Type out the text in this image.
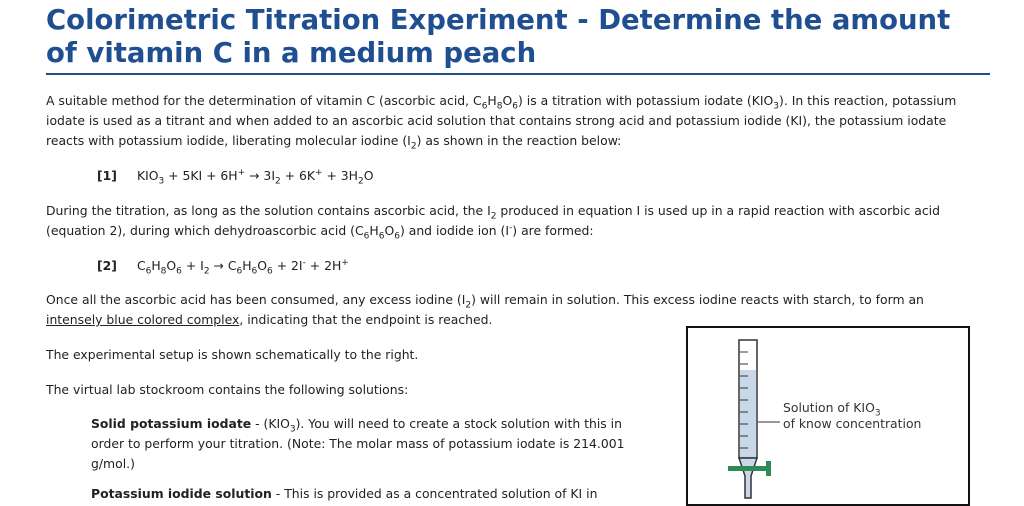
Colorimetric Titration Experiment - Determine the amount of vitamin C in a medium peach

A suitable method for the determination of vitamin C (ascorbic acid, $C_6H_8O_6$) is a titration with potassium iodate $(KIO_3)$. In this reaction, potassium iodate is used as a titrant and when added to an ascorbic acid solution that contains strong acid and potassium iodide (KI), the potassium iodate reacts with potassium iodide, liberating molecular iodine $(I_2)$ as shown in the reaction below:

[1] $KIO_3 + 5KI + 6H^+ \to 3I_2 + 6K^+ + 3H_2O$

During the titration, as long as the solution contains ascorbic acid, the $I_2$ produced in equation I is used up in a rapid reaction with ascorbic acid (equation 2), during which dehydroascorbic acid $(C_6H_6O_6)$ and iodide ion (I-) are formed:

[2] $C_6H_8O_6 + I_2 \to C_6H_6O_6 + 2I^- + 2H^+$

Once all the ascorbic acid has been consumed, any excess iodine $(I_2)$ will remain in solution. This excess iodine reacts with starch, to form an
intensely blue colored complex, indicating that the endpoint is reached.

The experimental setup is shown schematically to the right.

The virtual lab stockroom contains the following solutions:

Solid potassium iodate - $(KIO_3)$. You will need to create a stock solution with this in order to perform your titration. (Note: The molar mass of potassium iodate is 214.001 g/mol.)

Potassium iodide solution - This is provided as a concentrated solution of KI in

Solution of $KIO_3$
of know concentration
